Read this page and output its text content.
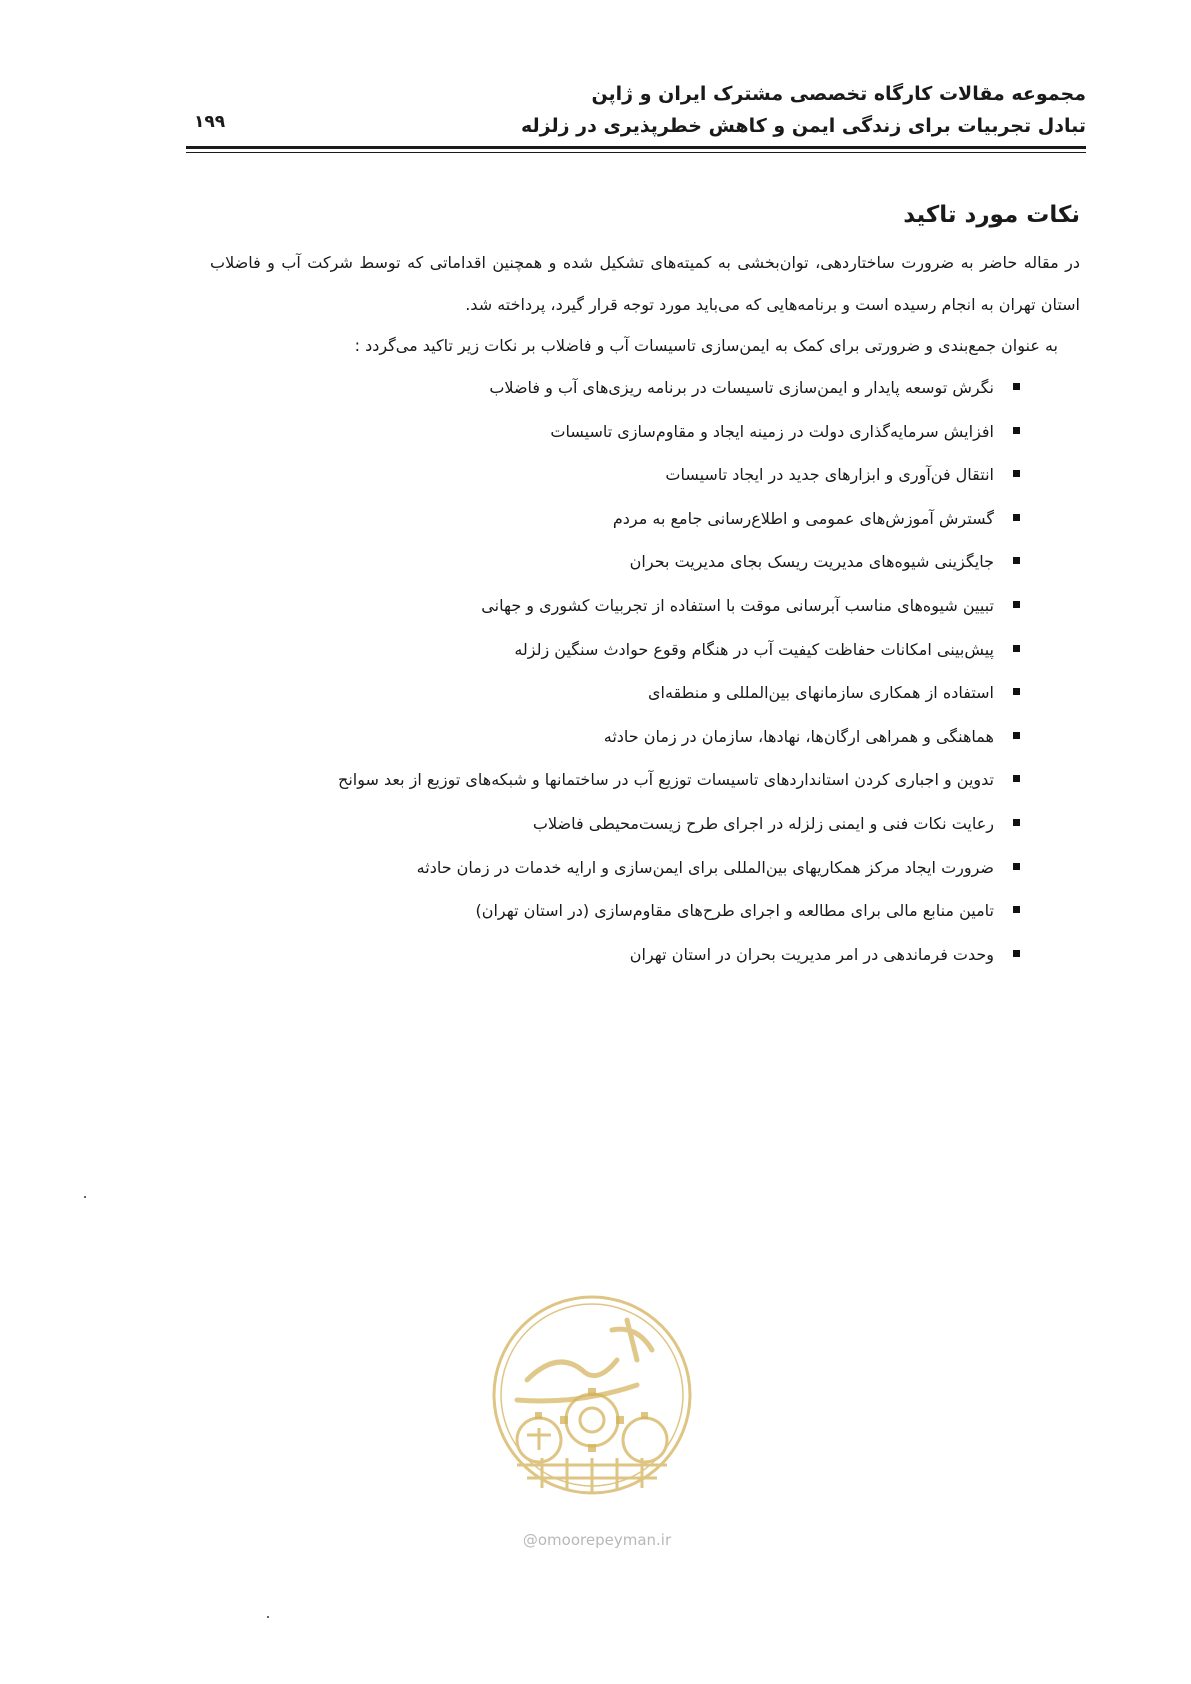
مجموعه مقالات کارگاه تخصصی مشترک ایران و ژاپن
تبادل تجربیات برای زندگی ایمن و کاهش خطرپذیری در زلزله
۱۹۹
نکات مورد تاکید

در مقاله حاضر به ضرورت ساختاردهی، توان‌بخشی به کمیته‌های تشکیل شده و همچنین اقداماتی که توسط شرکت آب و فاضلاب استان تهران به انجام رسیده است و برنامه‌هایی که می‌باید مورد توجه قرار گیرد، پرداخته شد.

به عنوان جمع‌بندی و ضرورتی برای کمک به ایمن‌سازی تاسیسات آب و فاضلاب بر نکات زیر تاکید می‌گردد :

نگرش توسعه پایدار و ایمن‌سازی تاسیسات در برنامه ریزی‌های آب و فاضلاب
افزایش سرمایه‌گذاری دولت در زمینه ایجاد و مقاوم‌سازی تاسیسات
انتقال فن‌آوری و ابزارهای جدید در ایجاد تاسیسات
گسترش آموزش‌های عمومی و اطلاع‌رسانی جامع به مردم
جایگزینی شیوه‌های مدیریت ریسک بجای مدیریت بحران
تبیین شیوه‌های مناسب آبرسانی موقت با استفاده از تجربیات کشوری و جهانی
پیش‌بینی امکانات حفاظت کیفیت آب در هنگام وقوع حوادث سنگین زلزله
استفاده از همکاری سازمانهای بین‌المللی و منطقه‌ای
هماهنگی و همراهی ارگان‌ها، نهادها، سازمان در زمان حادثه
تدوین و اجباری کردن استانداردهای تاسیسات توزیع آب در ساختمانها و شبکه‌های توزیع از بعد سوانح
رعایت نکات فنی و ایمنی زلزله در اجرای طرح زیست‌محیطی فاضلاب
ضرورت ایجاد مرکز همکاریهای بین‌المللی برای ایمن‌سازی و ارایه خدمات در زمان حادثه
تامین منابع مالی برای مطالعه و اجرای طرح‌های مقاوم‌سازی (در استان تهران)
وحدت فرماندهی در امر مدیریت بحران در استان تهران
@omoorepeyman.ir
